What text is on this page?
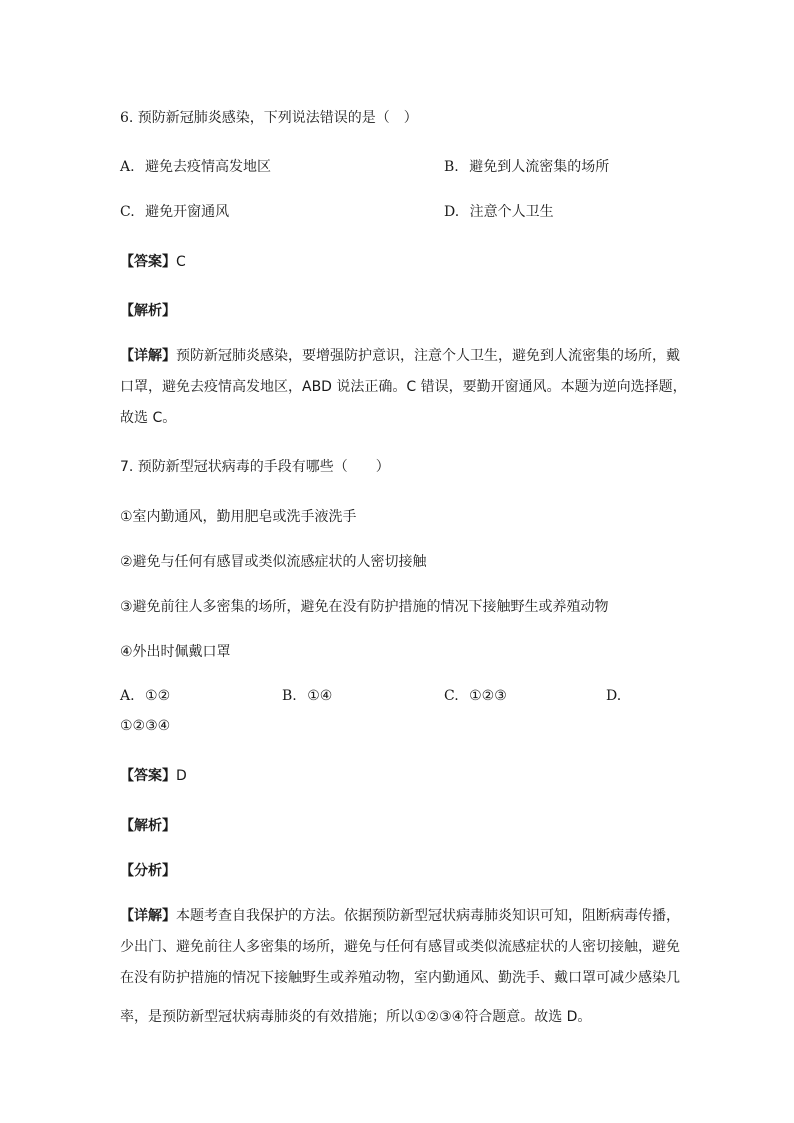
6. 预防新冠肺炎感染，下列说法错误的是（　）
A. 避免去疫情高发地区	B. 避免到人流密集的场所
C. 避免开窗通风	D. 注意个人卫生
【答案】C
【解析】
【详解】预防新冠肺炎感染，要增强防护意识，注意个人卫生，避免到人流密集的场所，戴
口罩，避免去疫情高发地区，ABD 说法正确。C 错误，要勤开窗通风。本题为逆向选择题，
故选 C。
7. 预防新型冠状病毒的手段有哪些（　　）
①室内勤通风，勤用肥皂或洗手液洗手
②避免与任何有感冒或类似流感症状的人密切接触
③避免前往人多密集的场所，避免在没有防护措施的情况下接触野生或养殖动物
④外出时佩戴口罩
A. ①②	B. ①④	C. ①②③	D.
①②③④
【答案】D
【解析】
【分析】
【详解】本题考查自我保护的方法。依据预防新型冠状病毒肺炎知识可知，阻断病毒传播，
少出门、避免前往人多密集的场所，避免与任何有感冒或类似流感症状的人密切接触，避免
在没有防护措施的情况下接触野生或养殖动物，室内勤通风、勤洗手、戴口罩可减少感染几
率，是预防新型冠状病毒肺炎的有效措施；所以①②③④符合题意。故选 D。
